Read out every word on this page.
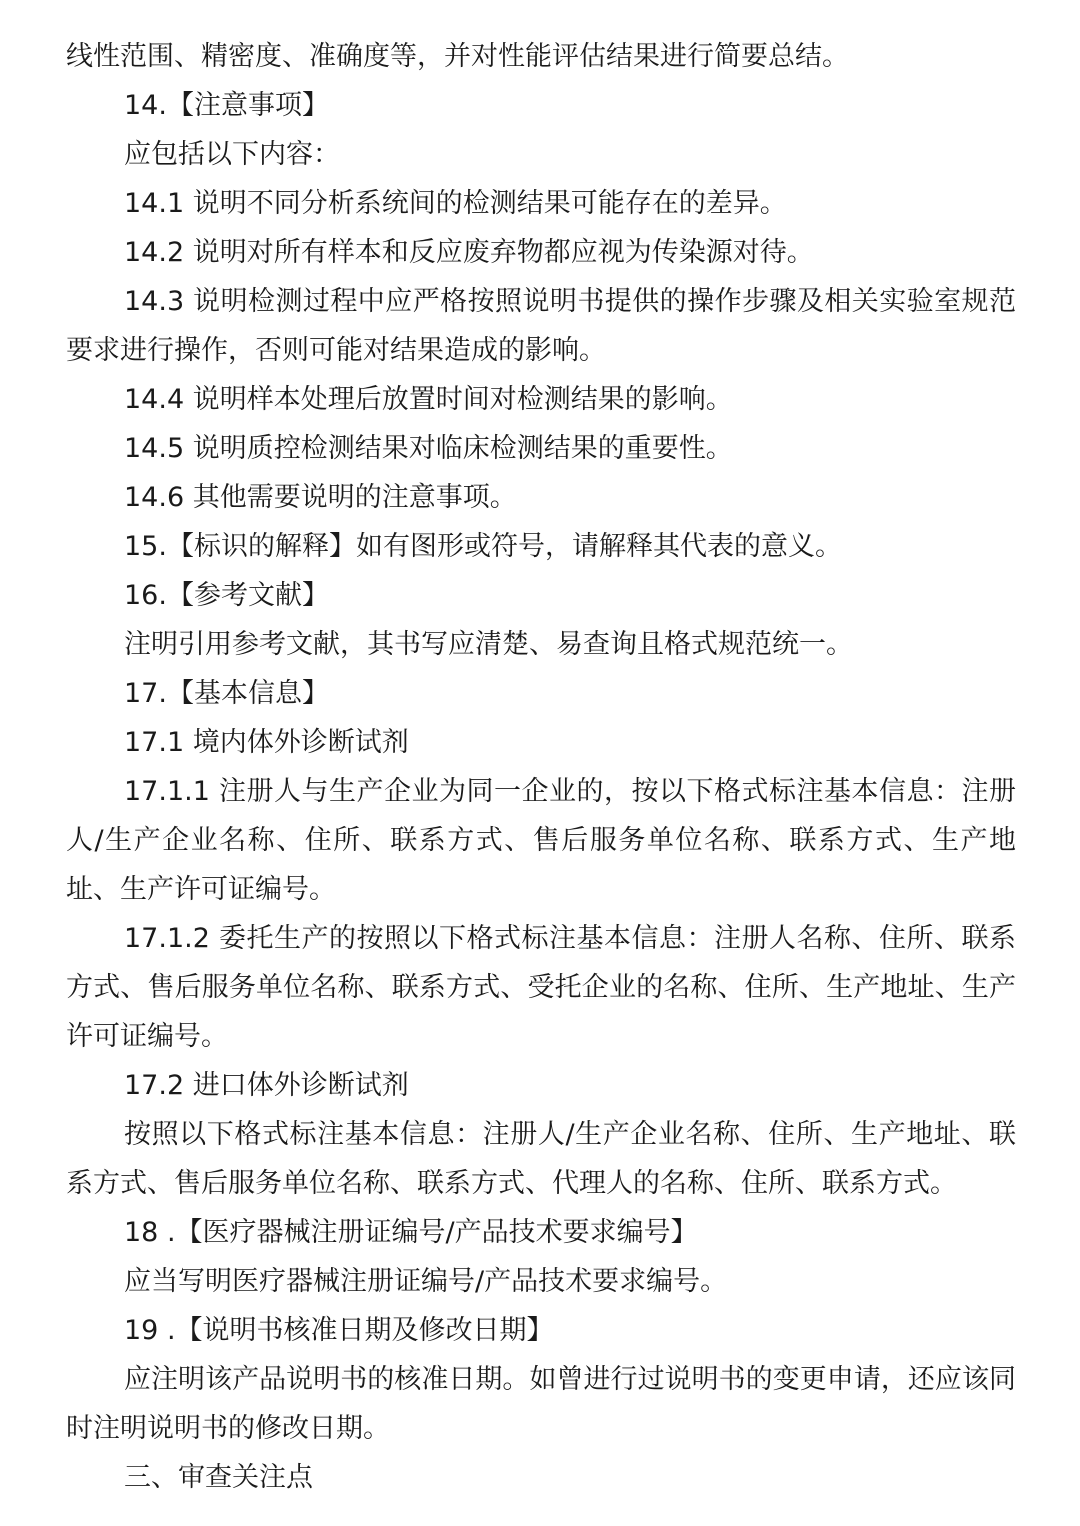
线性范围、精密度、准确度等，并对性能评估结果进行简要总结。

14.【注意事项】

应包括以下内容：

14.1 说明不同分析系统间的检测结果可能存在的差异。

14.2 说明对所有样本和反应废弃物都应视为传染源对待。

14.3 说明检测过程中应严格按照说明书提供的操作步骤及相关实验室规范要求进行操作，否则可能对结果造成的影响。

14.4 说明样本处理后放置时间对检测结果的影响。

14.5 说明质控检测结果对临床检测结果的重要性。

14.6 其他需要说明的注意事项。

15.【标识的解释】如有图形或符号，请解释其代表的意义。

16.【参考文献】

注明引用参考文献，其书写应清楚、易查询且格式规范统一。

17.【基本信息】

17.1 境内体外诊断试剂

17.1.1 注册人与生产企业为同一企业的，按以下格式标注基本信息：注册人/生产企业名称、住所、联系方式、售后服务单位名称、联系方式、生产地址、生产许可证编号。

17.1.2 委托生产的按照以下格式标注基本信息：注册人名称、住所、联系方式、售后服务单位名称、联系方式、受托企业的名称、住所、生产地址、生产许可证编号。

17.2 进口体外诊断试剂

按照以下格式标注基本信息：注册人/生产企业名称、住所、生产地址、联系方式、售后服务单位名称、联系方式、代理人的名称、住所、联系方式。

18 .【医疗器械注册证编号/产品技术要求编号】

应当写明医疗器械注册证编号/产品技术要求编号。

19 .【说明书核准日期及修改日期】

应注明该产品说明书的核准日期。如曾进行过说明书的变更申请，还应该同时注明说明书的修改日期。

三、审查关注点
